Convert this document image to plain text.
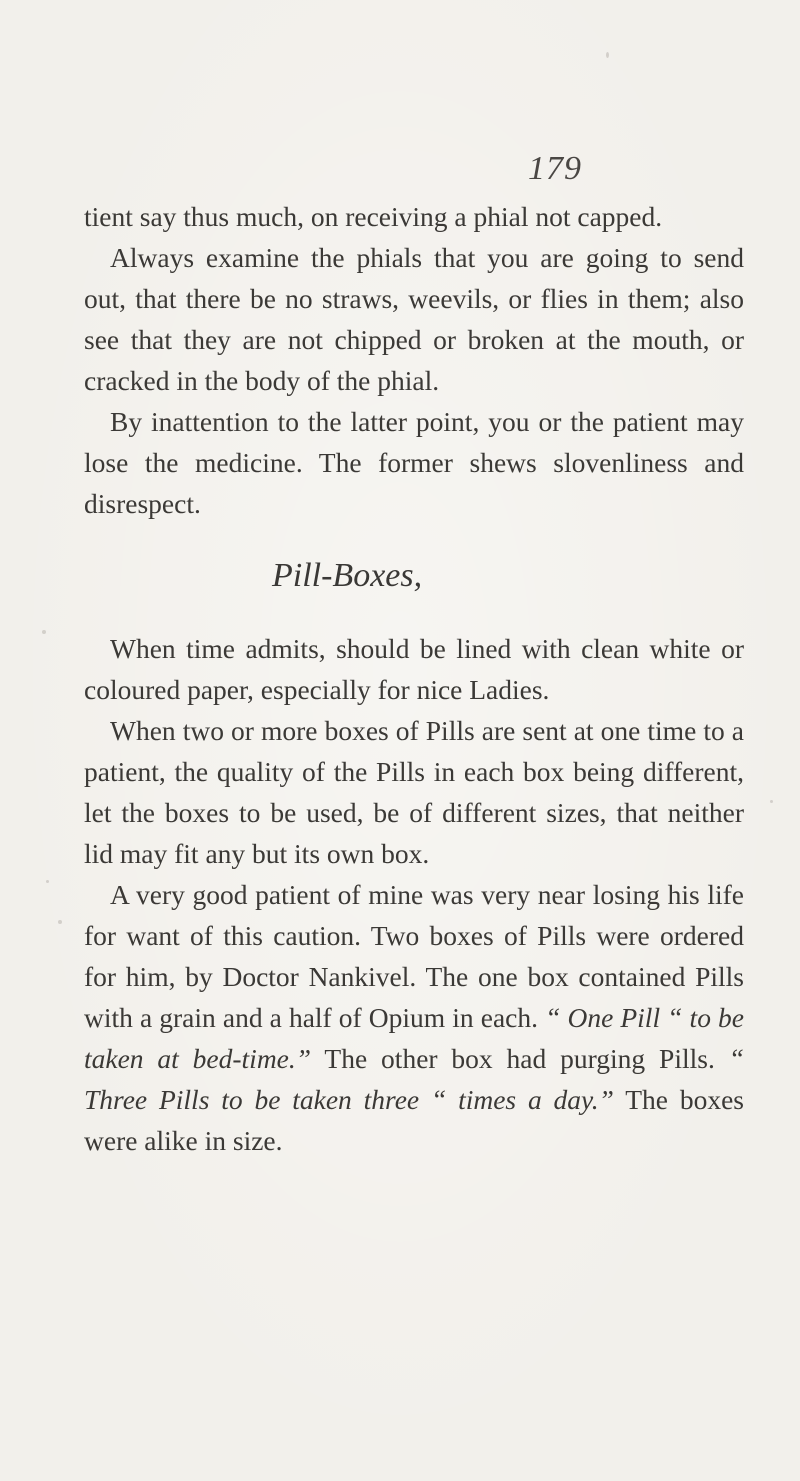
179

tient say thus much, on receiving a phial not capped.

Always examine the phials that you are going to send out, that there be no straws, weevils, or flies in them; also see that they are not chipped or broken at the mouth, or cracked in the body of the phial.

By inattention to the latter point, you or the patient may lose the medicine. The former shews slovenliness and disrespect.

Pill-Boxes,

When time admits, should be lined with clean white or coloured paper, especially for nice Ladies.

When two or more boxes of Pills are sent at one time to a patient, the quality of the Pills in each box being different, let the boxes to be used, be of different sizes, that neither lid may fit any but its own box.

A very good patient of mine was very near losing his life for want of this caution. Two boxes of Pills were ordered for him, by Doctor Nankivel. The one box contained Pills with a grain and a half of Opium in each. “ One Pill “ to be taken at bed-time.” The other box had purging Pills. “ Three Pills to be taken three “ times a day.” The boxes were alike in size.
